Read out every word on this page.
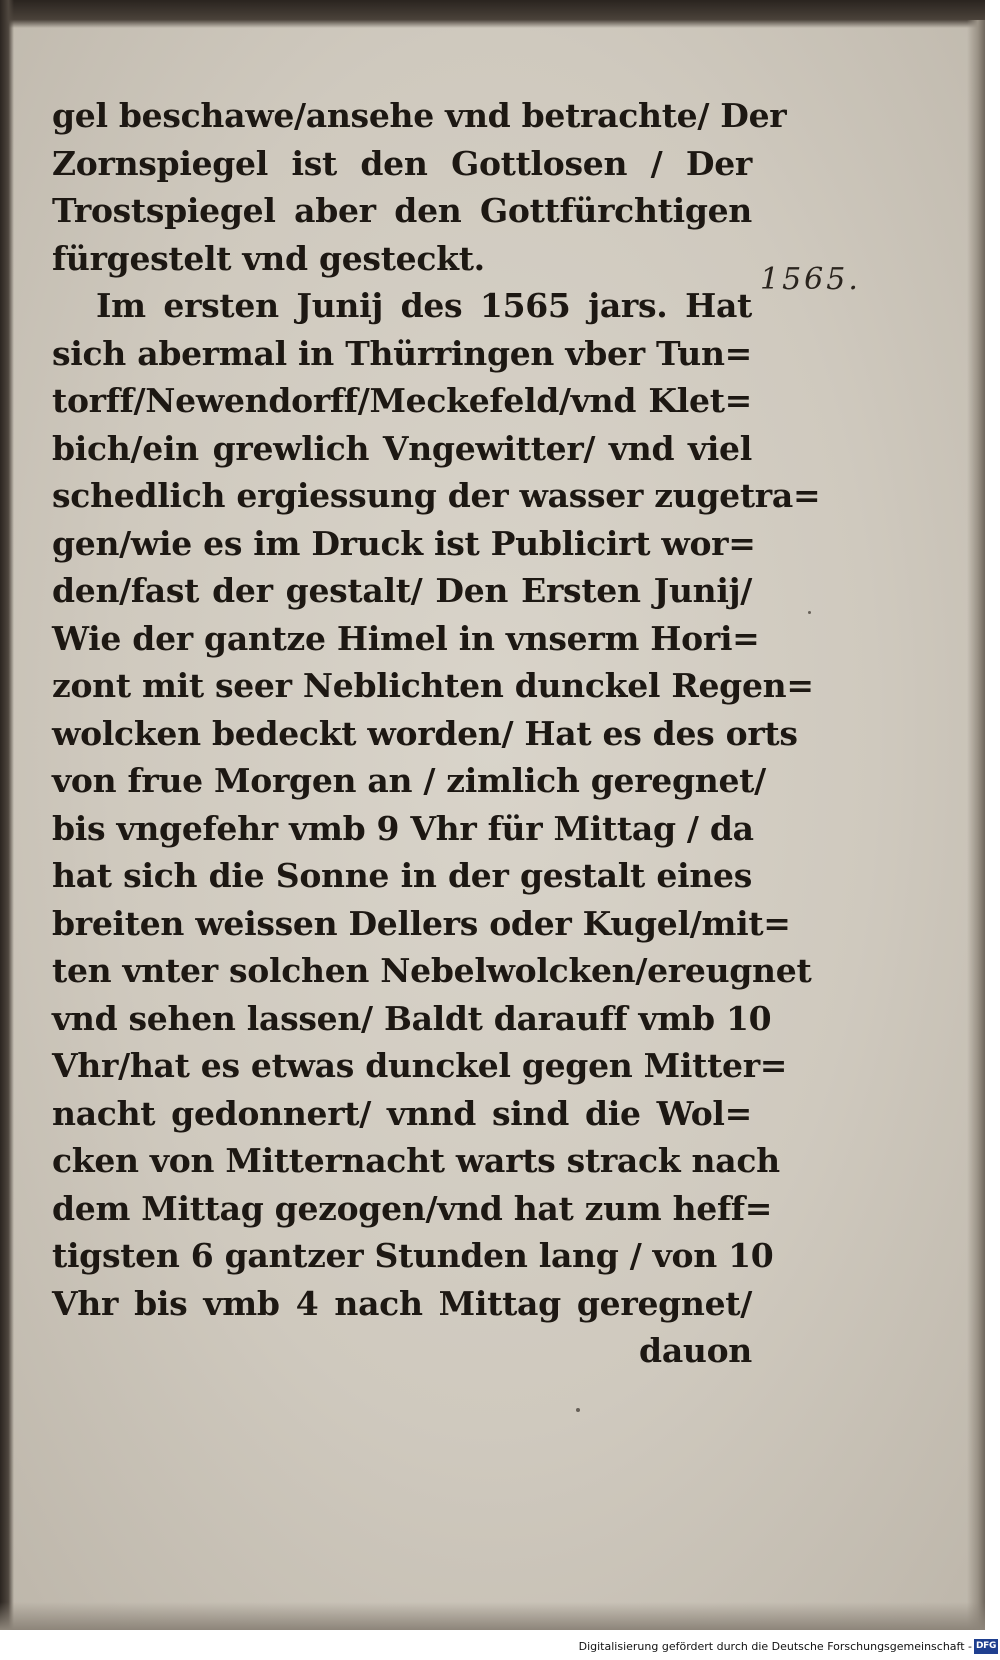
gel beschawe/ansehe vnd betrachte/ Der
Zornspiegel ist den Gottlosen / Der
Trostspiegel aber den Gottfürchtigen
fürgestelt vnd gesteckt.
Im ersten Junij des 1565 jars. Hat
sich abermal in Thürringen vber Tun=
torff/Newendorff/Meckefeld/vnd Klet=
bich/ein grewlich Vngewitter/ vnd viel
schedlich ergiessung der wasser zugetra=
gen/wie es im Druck ist Publicirt wor=
den/fast der gestalt/ Den Ersten Junij/
Wie der gantze Himel in vnserm Hori=
zont mit seer Neblichten dunckel Regen=
wolcken bedeckt worden/ Hat es des orts
von frue Morgen an / zimlich geregnet/
bis vngefehr vmb 9 Vhr für Mittag / da
hat sich die Sonne in der gestalt eines
breiten weissen Dellers oder Kugel/mit=
ten vnter solchen Nebelwolcken/ereugnet
vnd sehen lassen/ Baldt darauff vmb 10
Vhr/hat es etwas dunckel gegen Mitter=
nacht gedonnert/ vnnd sind die Wol=
cken von Mitternacht warts strack nach
dem Mittag gezogen/vnd hat zum heff=
tigsten 6 gantzer Stunden lang / von 10
Vhr bis vmb 4 nach Mittag geregnet/
dauon
1565.
Digitalisierung gefördert durch die Deutsche Forschungsgemeinschaft - DFG
